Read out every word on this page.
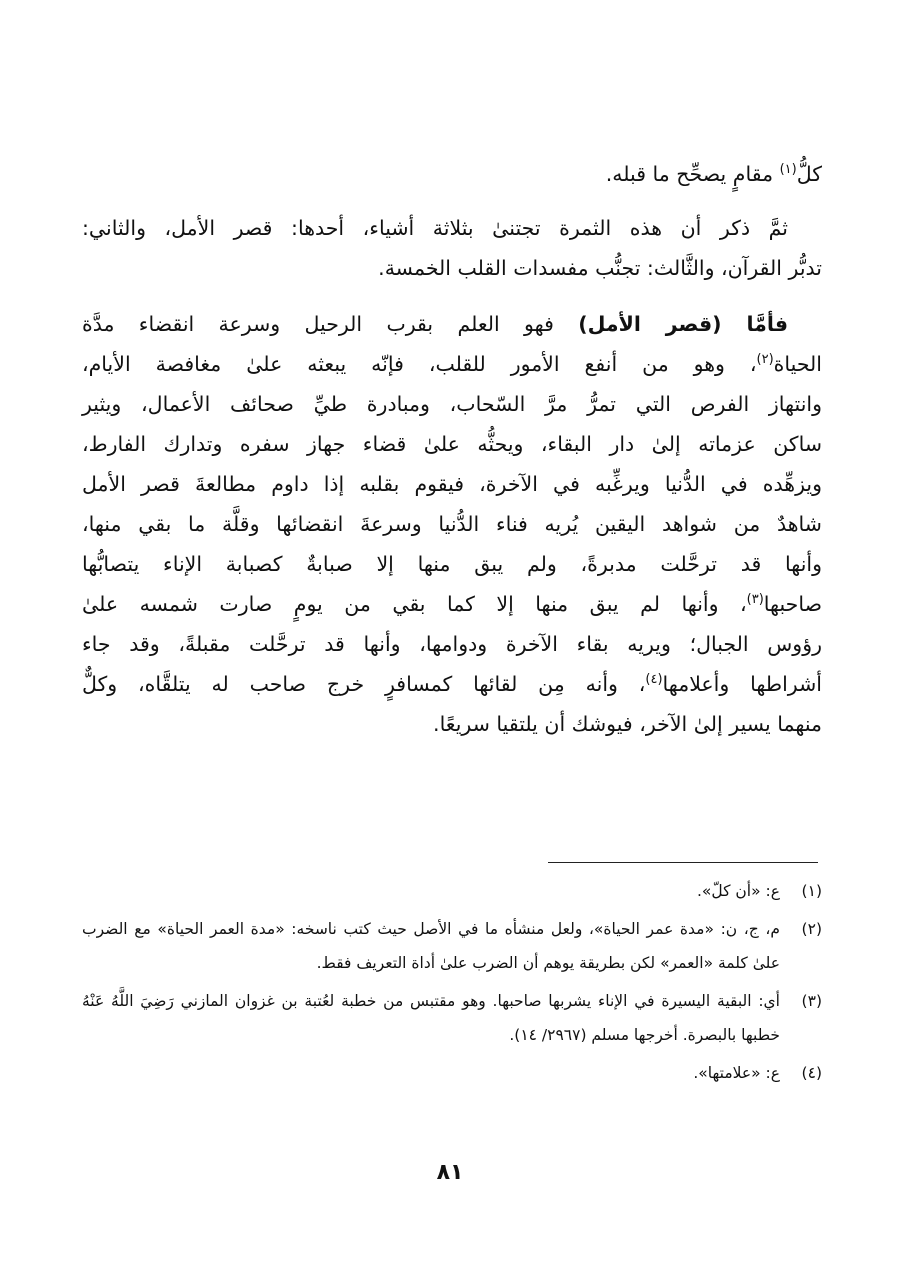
كلُّ$^{(١)}$ مقامٍ يصحِّح ما قبله.

ثمَّ ذكر أن هذه الثمرة تجتنىٰ بثلاثة أشياء، أحدها: قصر الأمل، والثاني:
تدبُّر القرآن، والثَّالث: تجنُّب مفسدات القلب الخمسة.

فأمَّا (قصر الأمل) فهو العلم بقرب الرحيل وسرعة انقضاء مدَّة
الحياة$^{(٢)}$، وهو من أنفع الأمور للقلب، فإنّه يبعثه علىٰ مغافصة الأيام،
وانتهاز الفرص التي تمرُّ مرَّ السّحاب، ومبادرة طيِّ صحائف الأعمال، ويثير
ساكن عزماته إلىٰ دار البقاء، ويحثُّه علىٰ قضاء جهاز سفره وتدارك الفارط،
ويزهِّده في الدُّنيا ويرغِّبه في الآخرة، فيقوم بقلبه إذا داوم مطالعةَ قصر الأمل
شاهدٌ من شواهد اليقين يُريه فناء الدُّنيا وسرعةَ انقضائها وقلَّة ما بقي منها،
وأنها قد ترحَّلت مدبرةً، ولم يبق منها إلا صبابةٌ كصبابة الإناء يتصابُّها
صاحبها$^{(٣)}$، وأنها لم يبق منها إلا كما بقي من يومٍ صارت شمسه علىٰ
رؤوس الجبال؛ ويريه بقاء الآخرة ودوامها، وأنها قد ترحَّلت مقبلةً، وقد جاء
أشراطها وأعلامها$^{(٤)}$، وأنه مِن لقائها كمسافرٍ خرج صاحب له يتلقَّاه، وكلٌّ
منهما يسير إلىٰ الآخر، فيوشك أن يلتقيا سريعًا.

(١)
ع: «أن كلّ».
(٢)
م، ج، ن: «مدة عمر الحياة»، ولعل منشأه ما في الأصل حيث كتب ناسخه: «مدة العمر الحياة» مع الضرب علىٰ كلمة «العمر» لكن بطريقة يوهم أن الضرب علىٰ أداة التعريف فقط.
(٣)
أي: البقية اليسيرة في الإناء يشربها صاحبها. وهو مقتبس من خطبة لعُتبة بن غزوان المازني رَضِيَ اللَّهُ عَنْهُ خطبها بالبصرة. أخرجها مسلم (٢٩٦٧/ ١٤).
(٤)
ع: «علامتها».
٨١
